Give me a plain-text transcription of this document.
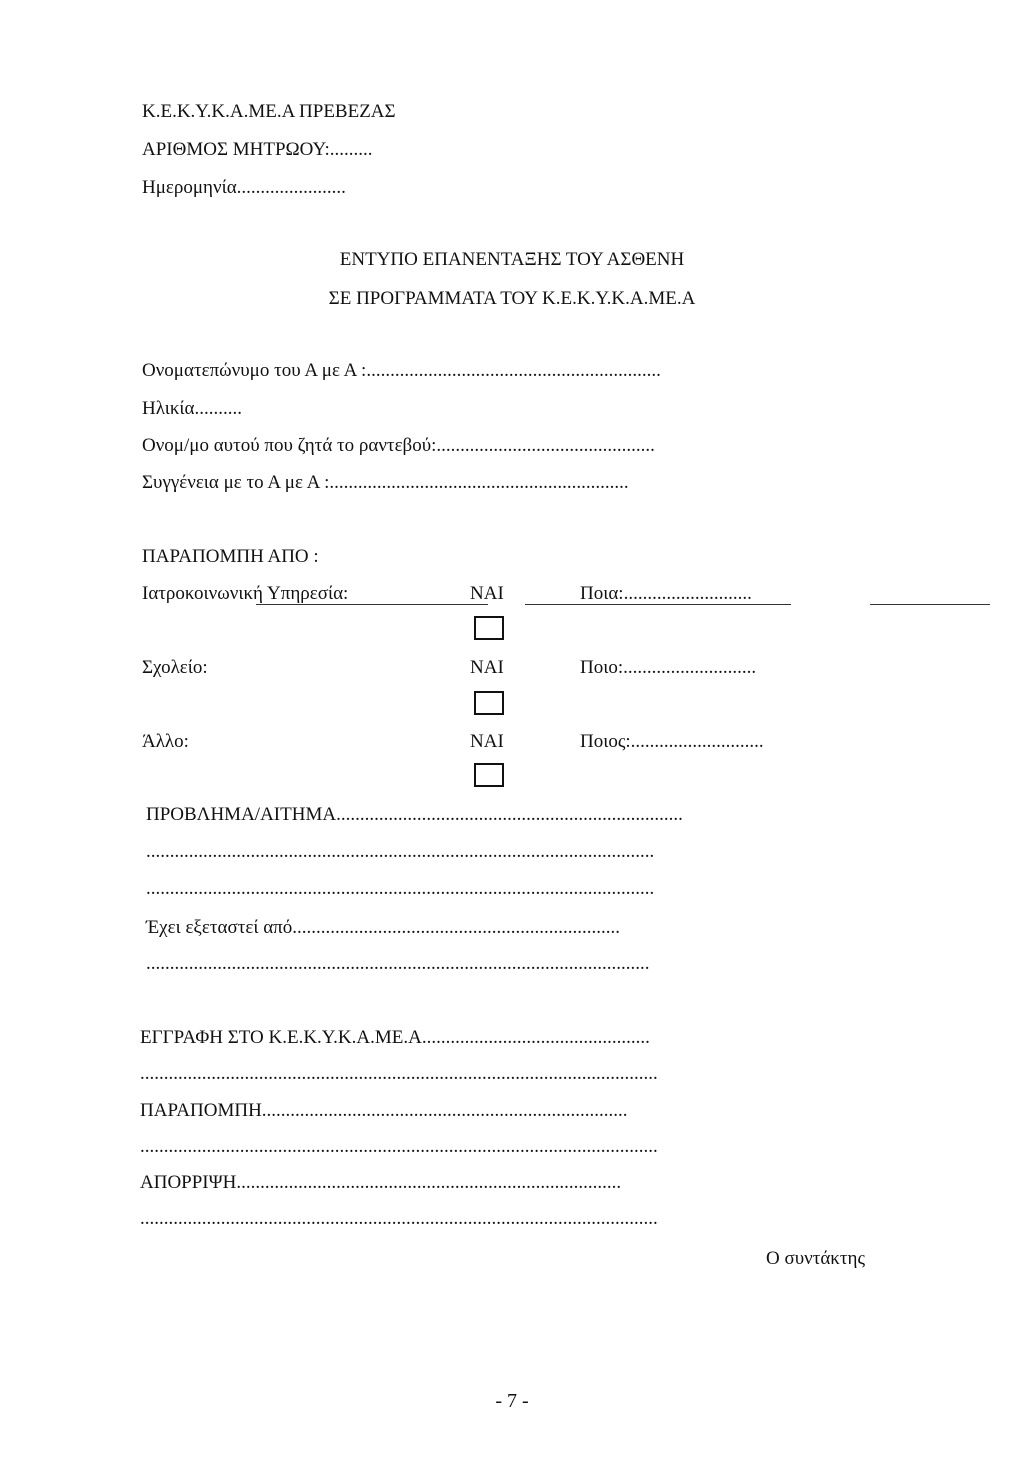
Κ.Ε.Κ.Υ.Κ.Α.ΜΕ.Α ΠΡΕΒΕΖΑΣ
ΑΡΙΘΜΟΣ ΜΗΤΡΩΟΥ:.........
Ημερομηνία.......................
ΕΝΤΥΠΟ ΕΠΑΝΕΝΤΑΞΗΣ ΤΟΥ ΑΣΘΕΝΗ
ΣΕ ΠΡΟΓΡΑΜΜΑΤΑ ΤΟΥ Κ.Ε.Κ.Υ.Κ.Α.ΜΕ.Α
Ονοματεπώνυμο του Α με Α :..............................................................
Ηλικία..........
Ονομ/μο αυτού που ζητά το ραντεβού:..............................................
Συγγένεια με το Α με Α :...............................................................
ΠΑΡΑΠΟΜΠΗ ΑΠΟ :
Ιατροκοινωνική Υπηρεσία:	ΝΑΙ	Ποια:...........................
Σχολείο:	ΝΑΙ	Ποιο:............................
Άλλο:	ΝΑΙ	Ποιος:............................
ΠΡΟΒΛΗΜΑ/ΑΙΤΗΜΑ.........................................................................
...........................................................................................................
...........................................................................................................
Έχει εξεταστεί από.....................................................................
..........................................................................................................
ΕΓΓΡΑΦΗ ΣΤΟ Κ.Ε.Κ.Υ.Κ.Α.ΜΕ.Α................................................
.............................................................................................................
ΠΑΡΑΠΟΜΠΗ.............................................................................
.............................................................................................................
ΑΠΟΡΡΙΨΗ.................................................................................
.............................................................................................................
Ο συντάκτης
- 7 -
